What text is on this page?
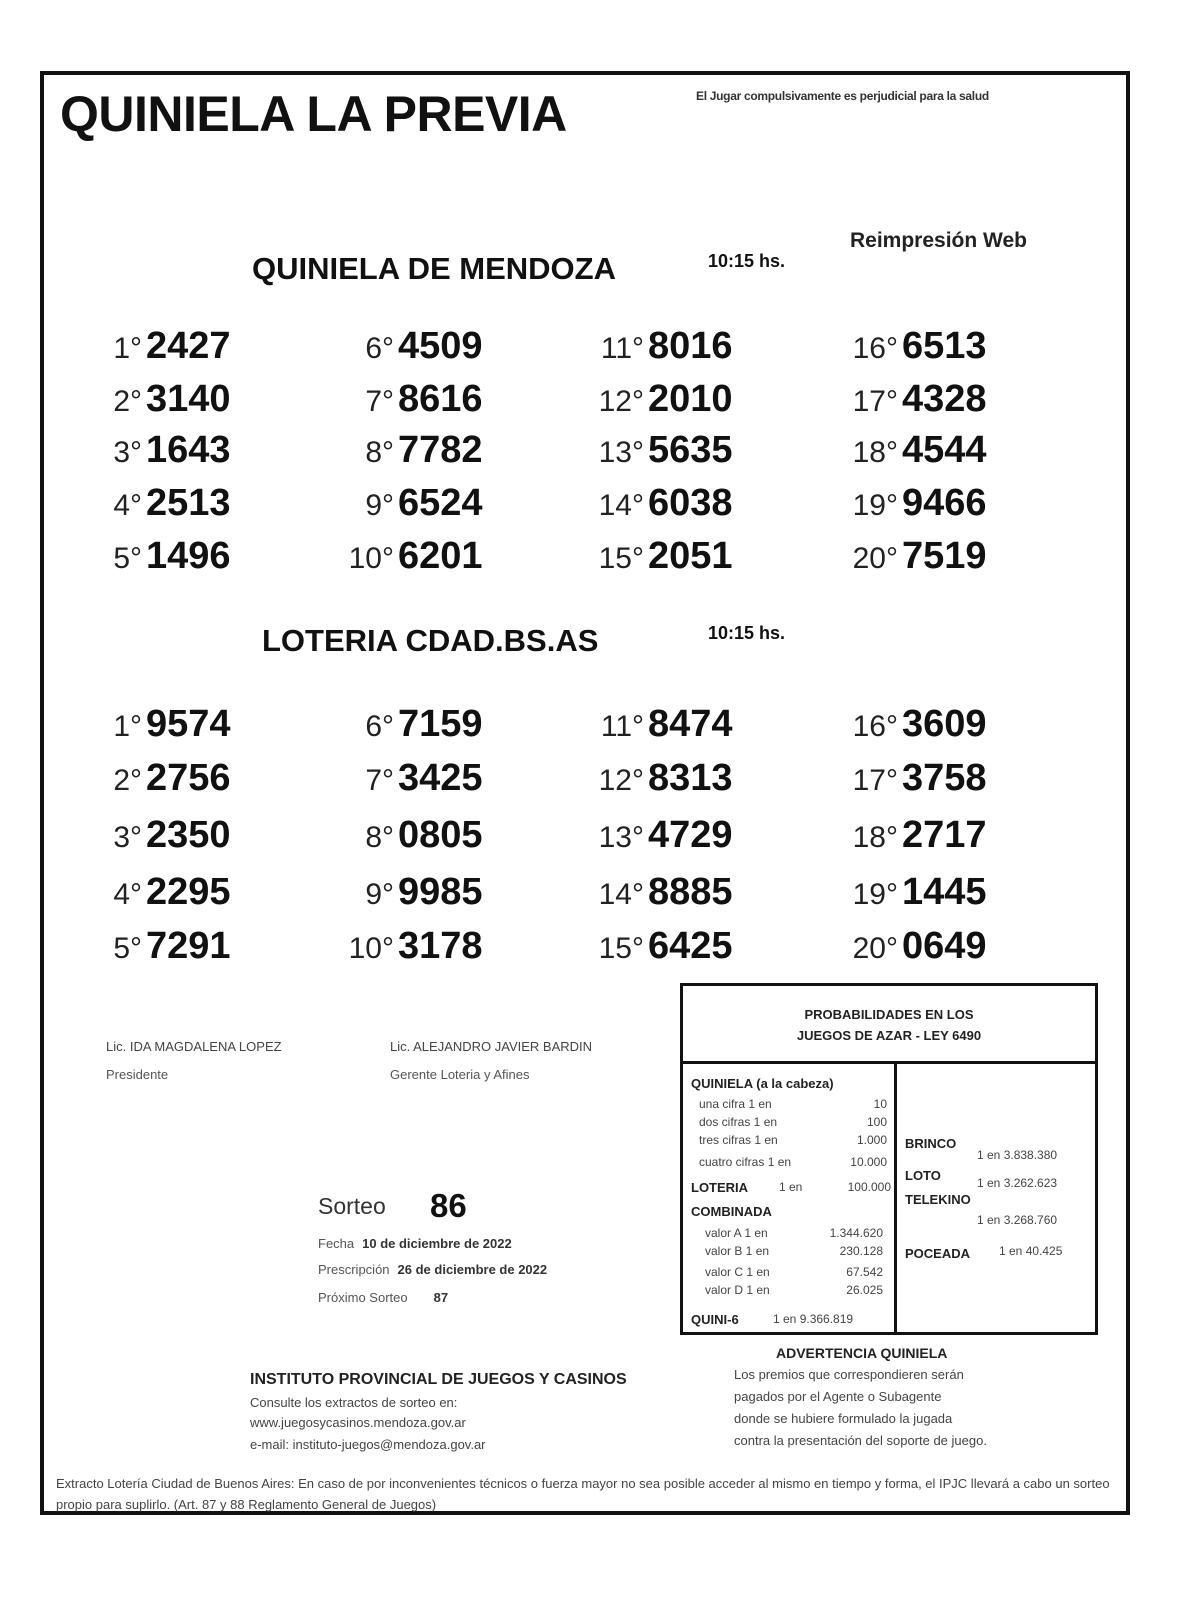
QUINIELA LA PREVIA	El Jugar compulsivamente es perjudicial para la salud
QUINIELA DE MENDOZA	10:15 hs.
Reimpresión Web
1° 2427
2° 3140
3° 1643
4° 2513
5° 1496
6° 4509
7° 8616
8° 7782
9° 6524
10° 6201
11° 8016
12° 2010
13° 5635
14° 6038
15° 2051
16° 6513
17° 4328
18° 4544
19° 9466
20° 7519
LOTERIA CDAD.BS.AS	10:15 hs.
1° 9574
2° 2756
3° 2350
4° 2295
5° 7291
6° 7159
7° 3425
8° 0805
9° 9985
10° 3178
11° 8474
12° 8313
13° 4729
14° 8885
15° 6425
16° 3609
17° 3758
18° 2717
19° 1445
20° 0649
Lic. IDA MAGDALENA LOPEZ
Presidente
Lic. ALEJANDRO JAVIER BARDIN
Gerente Loteria y Afines
Sorteo 86
Fecha 10 de diciembre de 2022
Prescripción 26 de diciembre de 2022
Próximo Sorteo 87
PROBABILIDADES EN LOS
JUEGOS DE AZAR - LEY 6490
QUINIELA (a la cabeza)
una cifra 1 en	10
dos cifras 1 en	100
tres cifras 1 en	1.000
cuatro cifras 1 en	10.000
LOTERIA	1 en	100.000
COMBINADA
valor A 1 en	1.344.620
valor B 1 en	230.128
valor C 1 en	67.542
valor D 1 en	26.025
QUINI-6	1 en 9.366.819
BRINCO
1 en 3.838.380
LOTO	1 en 3.262.623
TELEKINO
1 en 3.268.760
POCEADA 1 en 40.425
INSTITUTO PROVINCIAL DE JUEGOS Y CASINOS
Consulte los extractos de sorteo en:
www.juegosycasinos.mendoza.gov.ar
e-mail: instituto-juegos@mendoza.gov.ar
ADVERTENCIA QUINIELA
Los premios que correspondieren serán
pagados por el Agente o Subagente
donde se hubiere formulado la jugada
contra la presentación del soporte de juego.
Extracto Lotería Ciudad de Buenos Aires: En caso de por inconvenientes técnicos o fuerza mayor no sea posible acceder al mismo en tiempo y forma, el IPJC llevará a cabo un sorteo propio para suplirlo. (Art. 87 y 88 Reglamento General de Juegos)
